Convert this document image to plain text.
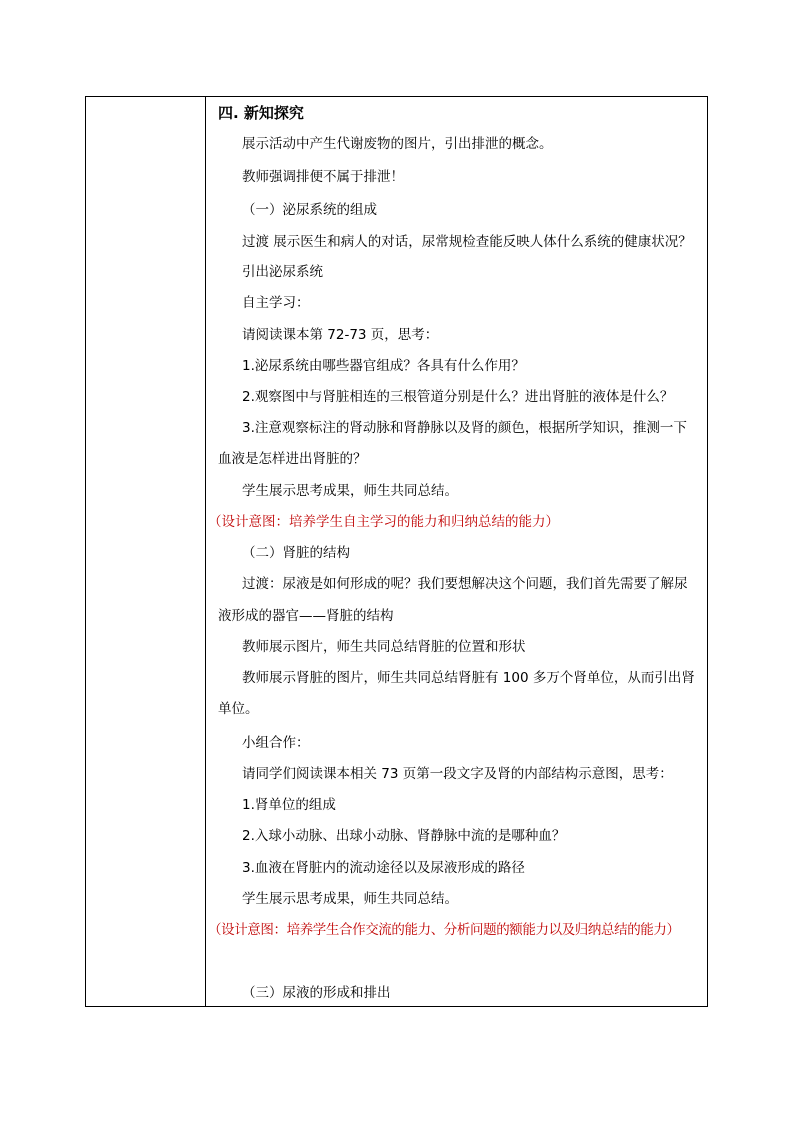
四. 新知探究
展示活动中产生代谢废物的图片，引出排泄的概念。
教师强调排便不属于排泄！
（一）泌尿系统的组成
过渡 展示医生和病人的对话，尿常规检查能反映人体什么系统的健康状况？
引出泌尿系统
自主学习：
请阅读课本第 72-73 页，思考：
1.泌尿系统由哪些器官组成？各具有什么作用？
2.观察图中与肾脏相连的三根管道分别是什么？进出肾脏的液体是什么？
3.注意观察标注的肾动脉和肾静脉以及肾的颜色，根据所学知识，推测一下
血液是怎样进出肾脏的？
学生展示思考成果，师生共同总结。
（设计意图：培养学生自主学习的能力和归纳总结的能力）
（二）肾脏的结构
过渡：尿液是如何形成的呢？我们要想解决这个问题，我们首先需要了解尿
液形成的器官——肾脏的结构
教师展示图片，师生共同总结肾脏的位置和形状
教师展示肾脏的图片，师生共同总结肾脏有 100 多万个肾单位，从而引出肾
单位。
小组合作：
请同学们阅读课本相关 73 页第一段文字及肾的内部结构示意图，思考：
1.肾单位的组成
2.入球小动脉、出球小动脉、肾静脉中流的是哪种血？
3.血液在肾脏内的流动途径以及尿液形成的路径
学生展示思考成果，师生共同总结。
（设计意图：培养学生合作交流的能力、分析问题的额能力以及归纳总结的能力）
（三）尿液的形成和排出
